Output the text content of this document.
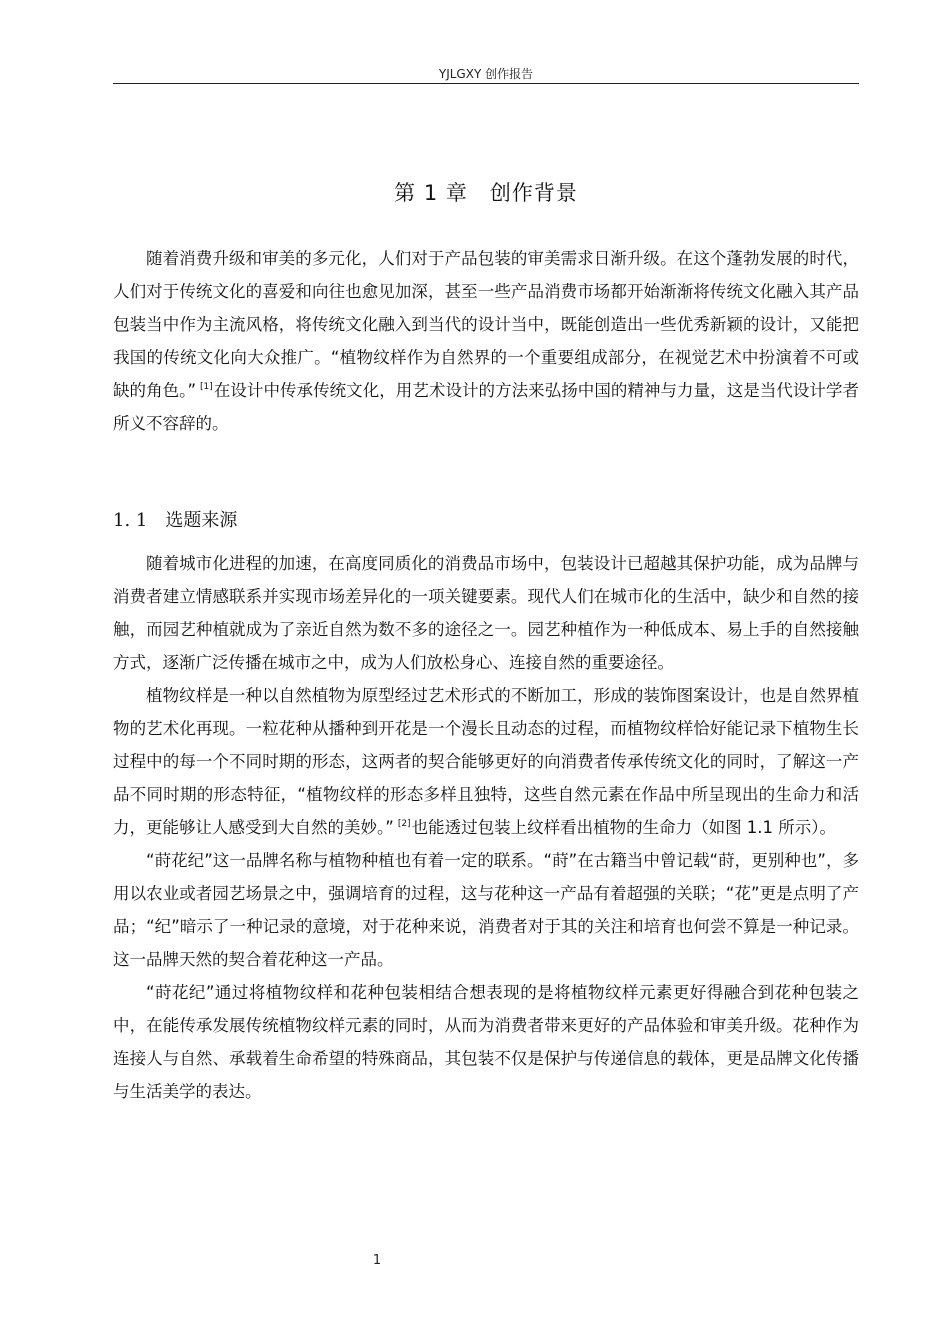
YJLGXY 创作报告
第 1 章　创作背景

随着消费升级和审美的多元化，人们对于产品包装的审美需求日渐升级。在这个蓬勃发展的时代，人们对于传统文化的喜爱和向往也愈见加深，甚至一些产品消费市场都开始渐渐将传统文化融入其产品包装当中作为主流风格，将传统文化融入到当代的设计当中，既能创造出一些优秀新颖的设计，又能把我国的传统文化向大众推广。“植物纹样作为自然界的一个重要组成部分，在视觉艺术中扮演着不可或缺的角色。” [1]在设计中传承传统文化，用艺术设计的方法来弘扬中国的精神与力量，这是当代设计学者所义不容辞的。

1. 1 选题来源

随着城市化进程的加速，在高度同质化的消费品市场中，包装设计已超越其保护功能，成为品牌与消费者建立情感联系并实现市场差异化的一项关键要素。现代人们在城市化的生活中，缺少和自然的接触，而园艺种植就成为了亲近自然为数不多的途径之一。园艺种植作为一种低成本、易上手的自然接触方式，逐渐广泛传播在城市之中，成为人们放松身心、连接自然的重要途径。

植物纹样是一种以自然植物为原型经过艺术形式的不断加工，形成的装饰图案设计，也是自然界植物的艺术化再现。一粒花种从播种到开花是一个漫长且动态的过程，而植物纹样恰好能记录下植物生长过程中的每一个不同时期的形态，这两者的契合能够更好的向消费者传承传统文化的同时，了解这一产品不同时期的形态特征，“植物纹样的形态多样且独特，这些自然元素在作品中所呈现出的生命力和活力，更能够让人感受到大自然的美妙。” [2]也能透过包装上纹样看出植物的生命力（如图 1.1 所示）。

“莳花纪”这一品牌名称与植物种植也有着一定的联系。“莳”在古籍当中曾记载“莳，更别种也”，多用以农业或者园艺场景之中，强调培育的过程，这与花种这一产品有着超强的关联；“花”更是点明了产品；“纪”暗示了一种记录的意境，对于花种来说，消费者对于其的关注和培育也何尝不算是一种记录。这一品牌天然的契合着花种这一产品。

“莳花纪”通过将植物纹样和花种包装相结合想表现的是将植物纹样元素更好得融合到花种包装之中，在能传承发展传统植物纹样元素的同时，从而为消费者带来更好的产品体验和审美升级。花种作为连接人与自然、承载着生命希望的特殊商品，其包装不仅是保护与传递信息的载体，更是品牌文化传播与生活美学的表达。

1
